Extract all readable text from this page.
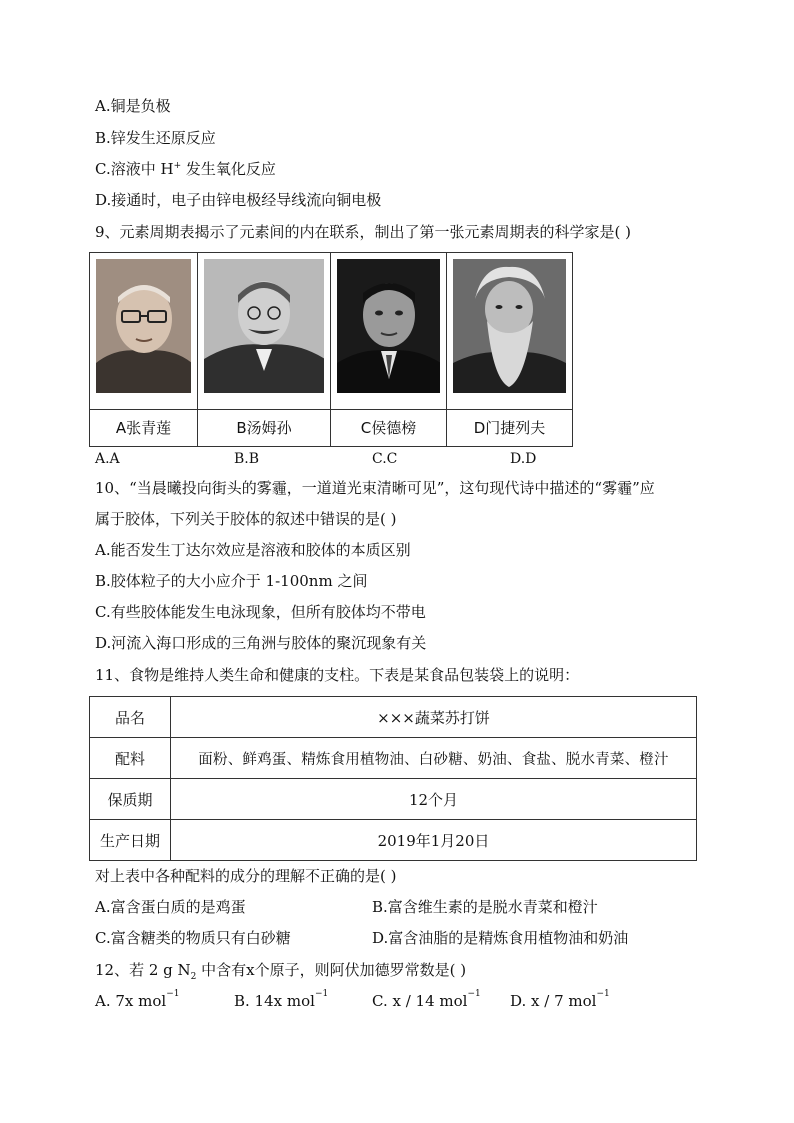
A.铜是负极
B.锌发生还原反应
C.溶液中 H+ 发生氧化反应
D.接通时，电子由锌电极经导线流向铜电极
9、元素周期表揭示了元素间的内在联系，制出了第一张元素周期表的科学家是( )
A张青莲	B汤姆孙	C侯德榜	D门捷列夫
A.A	B.B	C.C	D.D
10、“当晨曦投向街头的雾霾，一道道光束清晰可见”，这句现代诗中描述的“雾霾”应
属于胶体，下列关于胶体的叙述中错误的是( )
A.能否发生丁达尔效应是溶液和胶体的本质区别
B.胶体粒子的大小应介于 1-100nm 之间
C.有些胶体能发生电泳现象，但所有胶体均不带电
D.河流入海口形成的三角洲与胶体的聚沉现象有关
11、食物是维持人类生命和健康的支柱。下表是某食品包装袋上的说明：
品名	×××蔬菜苏打饼
配料	面粉、鲜鸡蛋、精炼食用植物油、白砂糖、奶油、食盐、脱水青菜、橙汁
保质期	12个月
生产日期	2019年1月20日
对上表中各种配料的成分的理解不正确的是( )
A.富含蛋白质的是鸡蛋	B.富含维生素的是脱水青菜和橙汁
C.富含糖类的物质只有白砂糖	D.富含油脂的是精炼食用植物油和奶油
12、若 2 g $N_2$ 中含有x个原子，则阿伏加德罗常数是( )
A. 7x mol$^{-1}$	B. 14x mol$^{-1}$	C. x / 14 mol$^{-1}$ D. x / 7 mol$^{-1}$
